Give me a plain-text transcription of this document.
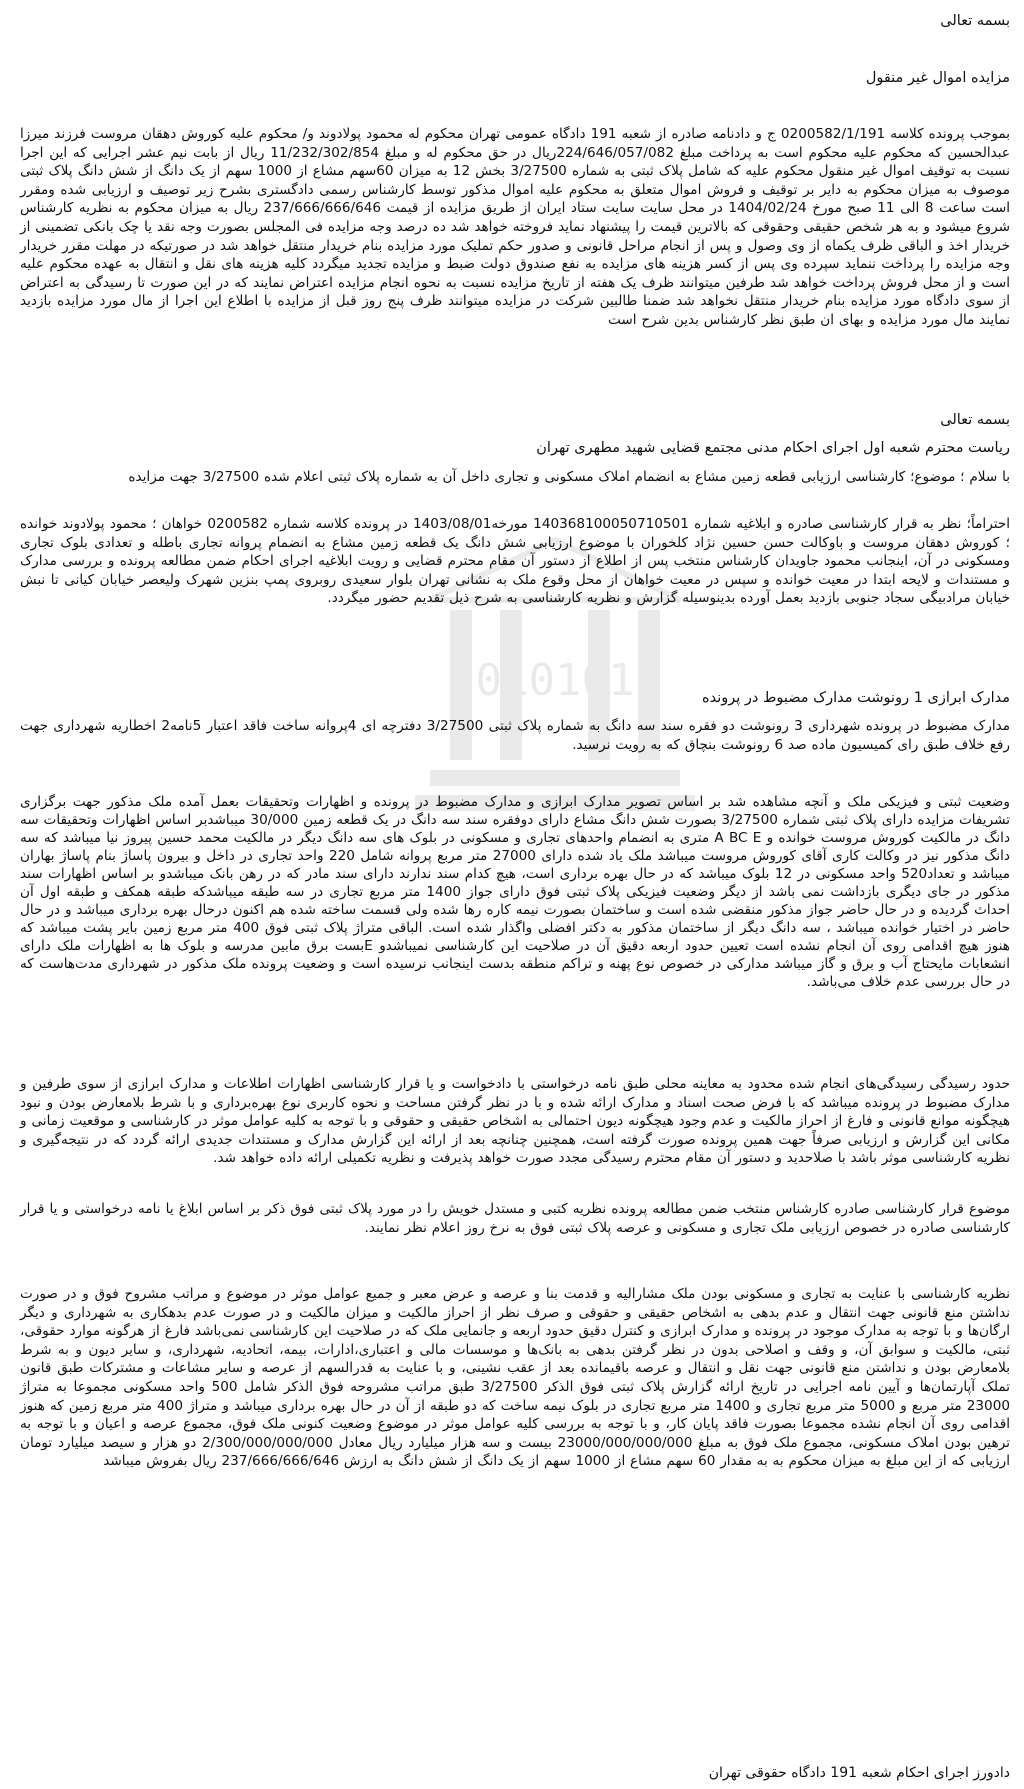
010101
بسمه تعالی
مزایده اموال غیر منقول
بموجب پرونده کلاسه 0200582/1/191 ج و دادنامه صادره از شعبه 191 دادگاه عمومی تهران محکوم له محمود پولادوند و/ محکوم علیه کوروش دهقان مروست فرزند میرزا عبدالحسین که محکوم علیه محکوم است به پرداخت مبلغ 224/646/057/082ریال در حق محکوم له و مبلغ 11/232/302/854 ریال از بابت نیم عشر اجرایی که این اجرا نسبت به توقیف اموال غیر منقول محکوم علیه که شامل پلاک ثبتی به شماره 3/27500 بخش 12 به میزان 60سهم مشاع از 1000 سهم از یک دانگ از شش دانگ پلاک ثبتی موصوف به میزان محکوم به دایر بر توقیف و فروش اموال متعلق به محکوم علیه اموال مذکور توسط کارشناس رسمی دادگستری بشرح زیر توصیف و ارزیابی شده ومقرر است ساعت 8 الی 11 صبح مورخ 1404/02/24 در محل سایت سایت ستاد ایران از طریق مزایده از قیمت 237/666/666/646 ریال به میزان محکوم به نظریه کارشناس شروع میشود و به هر شخص حقیقی وحقوقی که بالاترین قیمت را پیشنهاد نماید فروخته خواهد شد ده درصد وجه مزایده فی المجلس بصورت وجه نقد یا چک بانکی تضمینی از خریدار اخذ و الباقی ظرف یکماه از وی وصول و پس از انجام مراحل قانونی و صدور حکم تملیک مورد مزایده بنام خریدار منتقل خواهد شد در صورتیکه در مهلت مقرر خریدار وجه مزایده را پرداخت ننماید سپرده وی پس از کسر هزینه های مزایده به نفع صندوق دولت ضبط و مزایده تجدید میگردد کلیه هزینه های نقل و انتقال به عهده محکوم علیه است و از محل فروش پرداخت خواهد شد طرفین میتوانند ظرف یک هفته از تاریخ مزایده نسبت به نحوه انجام مزایده اعتراض نمایند که در این صورت تا رسیدگی به اعتراض از سوی دادگاه مورد مزایده بنام خریدار منتقل نخواهد شد ضمنا طالبین شرکت در مزایده میتوانند ظرف پنج روز قبل از مزایده با اطلاع این اجرا از مال مورد مزایده بازدید نمایند مال مورد مزایده و بهای ان طبق نظر کارشناس بدین شرح است
بسمه تعالی
ریاست محترم شعبه اول اجرای احکام مدنی مجتمع قضایی شهید مطهری تهران
با سلام ؛ موضوع؛ کارشناسی ارزیابی قطعه زمین مشاع به انضمام املاک مسکونی و تجاری داخل آن به شماره پلاک ثبتی اعلام شده 3/27500 جهت مزایده
احتراماً؛ نظر به قرار کارشناسی صادره و ابلاغیه شماره 140368100050710501 مورخه1403/08/01 در پرونده کلاسه شماره 0200582 خواهان ؛ محمود پولادوند خوانده ؛ کوروش دهقان مروست و باوکالت حسن حسین نژاد کلخوران با موضوع ارزیابی شش دانگ یک قطعه زمین مشاع به انضمام پروانه تجاری باطله و تعدادی بلوک تجاری ومسکونی در آن، اینجانب محمود جاویدان کارشناس منتخب پس از اطلاع از دستور آن مقام محترم قضایی و رویت ابلاغیه اجرای احکام ضمن مطالعه پرونده و بررسی مدارک و مستندات و لایحه ابتدا در معیت خوانده و سپس در معیت خواهان از محل وقوع ملک به نشانی تهران بلوار سعیدی روبروی پمپ بنزین شهرک ولیعصر خیابان کیانی تا نبش خیابان مرادبیگی سجاد جنوبی بازدید بعمل آورده بدینوسیله گزارش و نظریه کارشناسی به شرح ذیل تقدیم حضور میگردد.
مدارک ابرازی 1 رونوشت مدارک مضبوط در پرونده
مدارک مضبوط در پرونده شهرداری 3 رونوشت دو فقره سند سه دانگ به شماره پلاک ثبتی 3/27500 دفترچه ای 4پروانه ساخت فاقد اعتبار 5نامه2 اخطاریه شهرداری جهت رفع خلاف طبق رای کمیسیون ماده صد 6 رونوشت بنچاق که به رویت نرسید.
وضعیت ثبتی و فیزیکی ملک و آنچه مشاهده شد بر اساس تصویر مدارک ابرازی و مدارک مضبوط در پرونده و اظهارات وتحقیقات بعمل آمده ملک مذکور جهت برگزاری تشریفات مزایده دارای پلاک ثبتی شماره 3/27500 بصورت شش دانگ مشاع دارای دوفقره سند سه دانگ در یک قطعه زمین 30/000 میباشدبر اساس اظهارات وتحقیقات سه دانگ در مالکیت کوروش مروست خوانده و A BC E متری به انضمام واحدهای تجاری و مسکونی در بلوک های سه دانگ دیگر در مالکیت محمد حسین پیروز نیا میباشد که سه دانگ مذکور نیز در وکالت کاری آقای کوروش مروست میباشد ملک یاد شده دارای 27000 متر مربع پروانه شامل 220 واحد تجاری در داخل و بیرون پاساژ بنام پاساژ بهاران میباشد و تعداد520 واحد مسکونی در 12 بلوک میباشد که در حال بهره برداری است، هیچ کدام سند ندارند دارای سند مادر که در رهن بانک میباشدو بر اساس اظهارات سند مذکور در جای دیگری بازداشت نمی باشد از دیگر وضعیت فیزیکی پلاک ثبتی فوق دارای جواز 1400 متر مربع تجاری در سه طبقه میباشدکه طبقه همکف و طبقه اول آن احداث گردیده و در حال حاضر جواز مذکور منقضی شده است و ساختمان بصورت نیمه کاره رها شده ولی قسمت ساخته شده هم اکنون درحال بهره برداری میباشد و در حال حاضر در اختیار خوانده میباشد ، سه دانگ دیگر از ساختمان مذکور به دکتر افضلی واگذار شده است. الباقی متراژ پلاک ثبتی فوق 400 متر مربع زمین بایر پشت میباشد که هنوز هیچ اقدامی روی آن انجام نشده است تعیین حدود اربعه دقیق آن در صلاحیت این کارشناسی نمیباشدو Eبست برق مابین مدرسه و بلوک ها به اظهارات ملک دارای انشعابات مایحتاج آب و برق و گاز میباشد مدارکی در خصوص نوع پهنه و تراکم منطقه بدست اینجانب نرسیده است و وضعیت پرونده ملک مذکور در شهرداری مدت‌هاست که در حال بررسی عدم خلاف می‌باشد.
حدود رسیدگی رسیدگی‌های انجام شده محدود به معاینه محلی طبق نامه درخواستی با دادخواست و یا قرار کارشناسی اظهارات اطلاعات و مدارک ابرازی از سوی طرفین و مدارک مضبوط در پرونده میباشد که با فرض صحت اسناد و مدارک ارائه شده و با در نظر گرفتن مساحت و نحوه کاربری نوع بهره‌برداری و با شرط بلامعارض بودن و نبود هیچگونه موانع قانونی و فارغ از احراز مالکیت و عدم وجود هیچگونه دیون احتمالی به اشخاص حقیقی و حقوقی و با توجه به کلیه عوامل موثر در کارشناسی و موقعیت زمانی و مکانی این گزارش و ارزیابی صرفاً جهت همین پرونده صورت گرفته است، همچنین چنانچه بعد از ارائه این گزارش مدارک و مستندات جدیدی ارائه گردد که در نتیجه‌گیری و نظریه کارشناسی موثر باشد با صلاحدید و دستور آن مقام محترم رسیدگی مجدد صورت خواهد پذیرفت و نظریه تکمیلی ارائه داده خواهد شد.
موضوع قرار کارشناسی صادره کارشناس منتخب ضمن مطالعه پرونده نظریه کتبی و مستدل خویش را در مورد پلاک ثبتی فوق ذکر بر اساس ابلاغ یا نامه درخواستی و یا قرار کارشناسی صادره در خصوص ارزیابی ملک تجاری و مسکونی و عرصه پلاک ثبتی فوق به نرخ روز اعلام نظر نمایند.
نظریه کارشناسی با عنایت به تجاری و مسکونی بودن ملک مشارالیه و قدمت بنا و عرصه و عرض معبر و جمیع عوامل موثر در موضوع و مراتب مشروح فوق و در صورت نداشتن منع قانونی جهت انتقال و عدم بدهی به اشخاص حقیقی و حقوقی و صرف نظر از احراز مالکیت و میزان مالکیت و در صورت عدم بدهکاری به شهرداری و دیگر ارگان‌ها و با توجه به مدارک موجود در پرونده و مدارک ابرازی و کنترل دقیق حدود اربعه و جانمایی ملک که در صلاحیت این کارشناسی نمی‌باشد فارغ از هرگونه موارد حقوقی، ثبتی، مالکیت و سوابق آن، و وقف و اصلاحی بدون در نظر گرفتن بدهی به بانک‌ها و موسسات مالی و اعتباری،ادارات، بیمه، اتحادیه، شهرداری، و سایر دیون و به شرط بلامعارض بودن و نداشتن منع قانونی جهت نقل و انتقال و عرصه باقیمانده بعد از عقب نشینی، و با عنایت به قدرالسهم از عرصه و سایر مشاعات و مشترکات طبق قانون تملک آپارتمان‌ها و آیین نامه اجرایی در تاریخ ارائه گزارش پلاک ثبتی فوق الذکر 3/27500 طبق مراتب مشروحه فوق الذکر شامل 500 واحد مسکونی مجموعا به متراژ 23000 متر مربع و 5000 متر مربع تجاری و 1400 متر مربع تجاری در بلوک نیمه ساخت که دو طبقه از آن در حال بهره برداری میباشد و متراژ 400 متر مربع زمین که هنوز اقدامی روی آن انجام نشده مجموعا بصورت فاقد پایان کار، و با توجه به بررسی کلیه عوامل موثر در موضوع وضعیت کنونی ملک فوق، مجموع عرصه و اعیان و با توجه به ترهین بودن املاک مسکونی، مجموع ملک فوق به مبلغ 23000/000/000/000 بیست و سه هزار میلیارد ریال معادل 2/300/000/000/000 دو هزار و سیصد میلیارد تومان ارزیابی که از این مبلغ به میزان محکوم به به مقدار 60 سهم مشاع از 1000 سهم از یک دانگ از شش دانگ به ارزش 237/666/666/646 ریال بفروش میباشد
دادورز اجرای احکام شعبه 191 دادگاه حقوقی تهران
